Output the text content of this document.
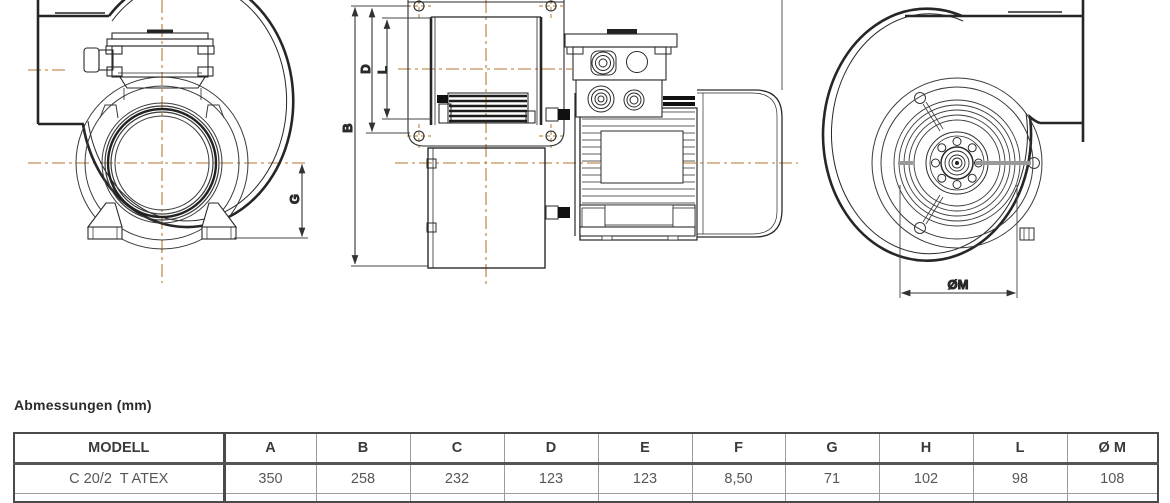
G
B
D L
ØM
Abmessungen (mm)
MODELL	A	B	C	D	E	F	G	H	L	Ø M
C 20/2  T ATEX	350	258	232	123	123	8,50	71	102	98	108
